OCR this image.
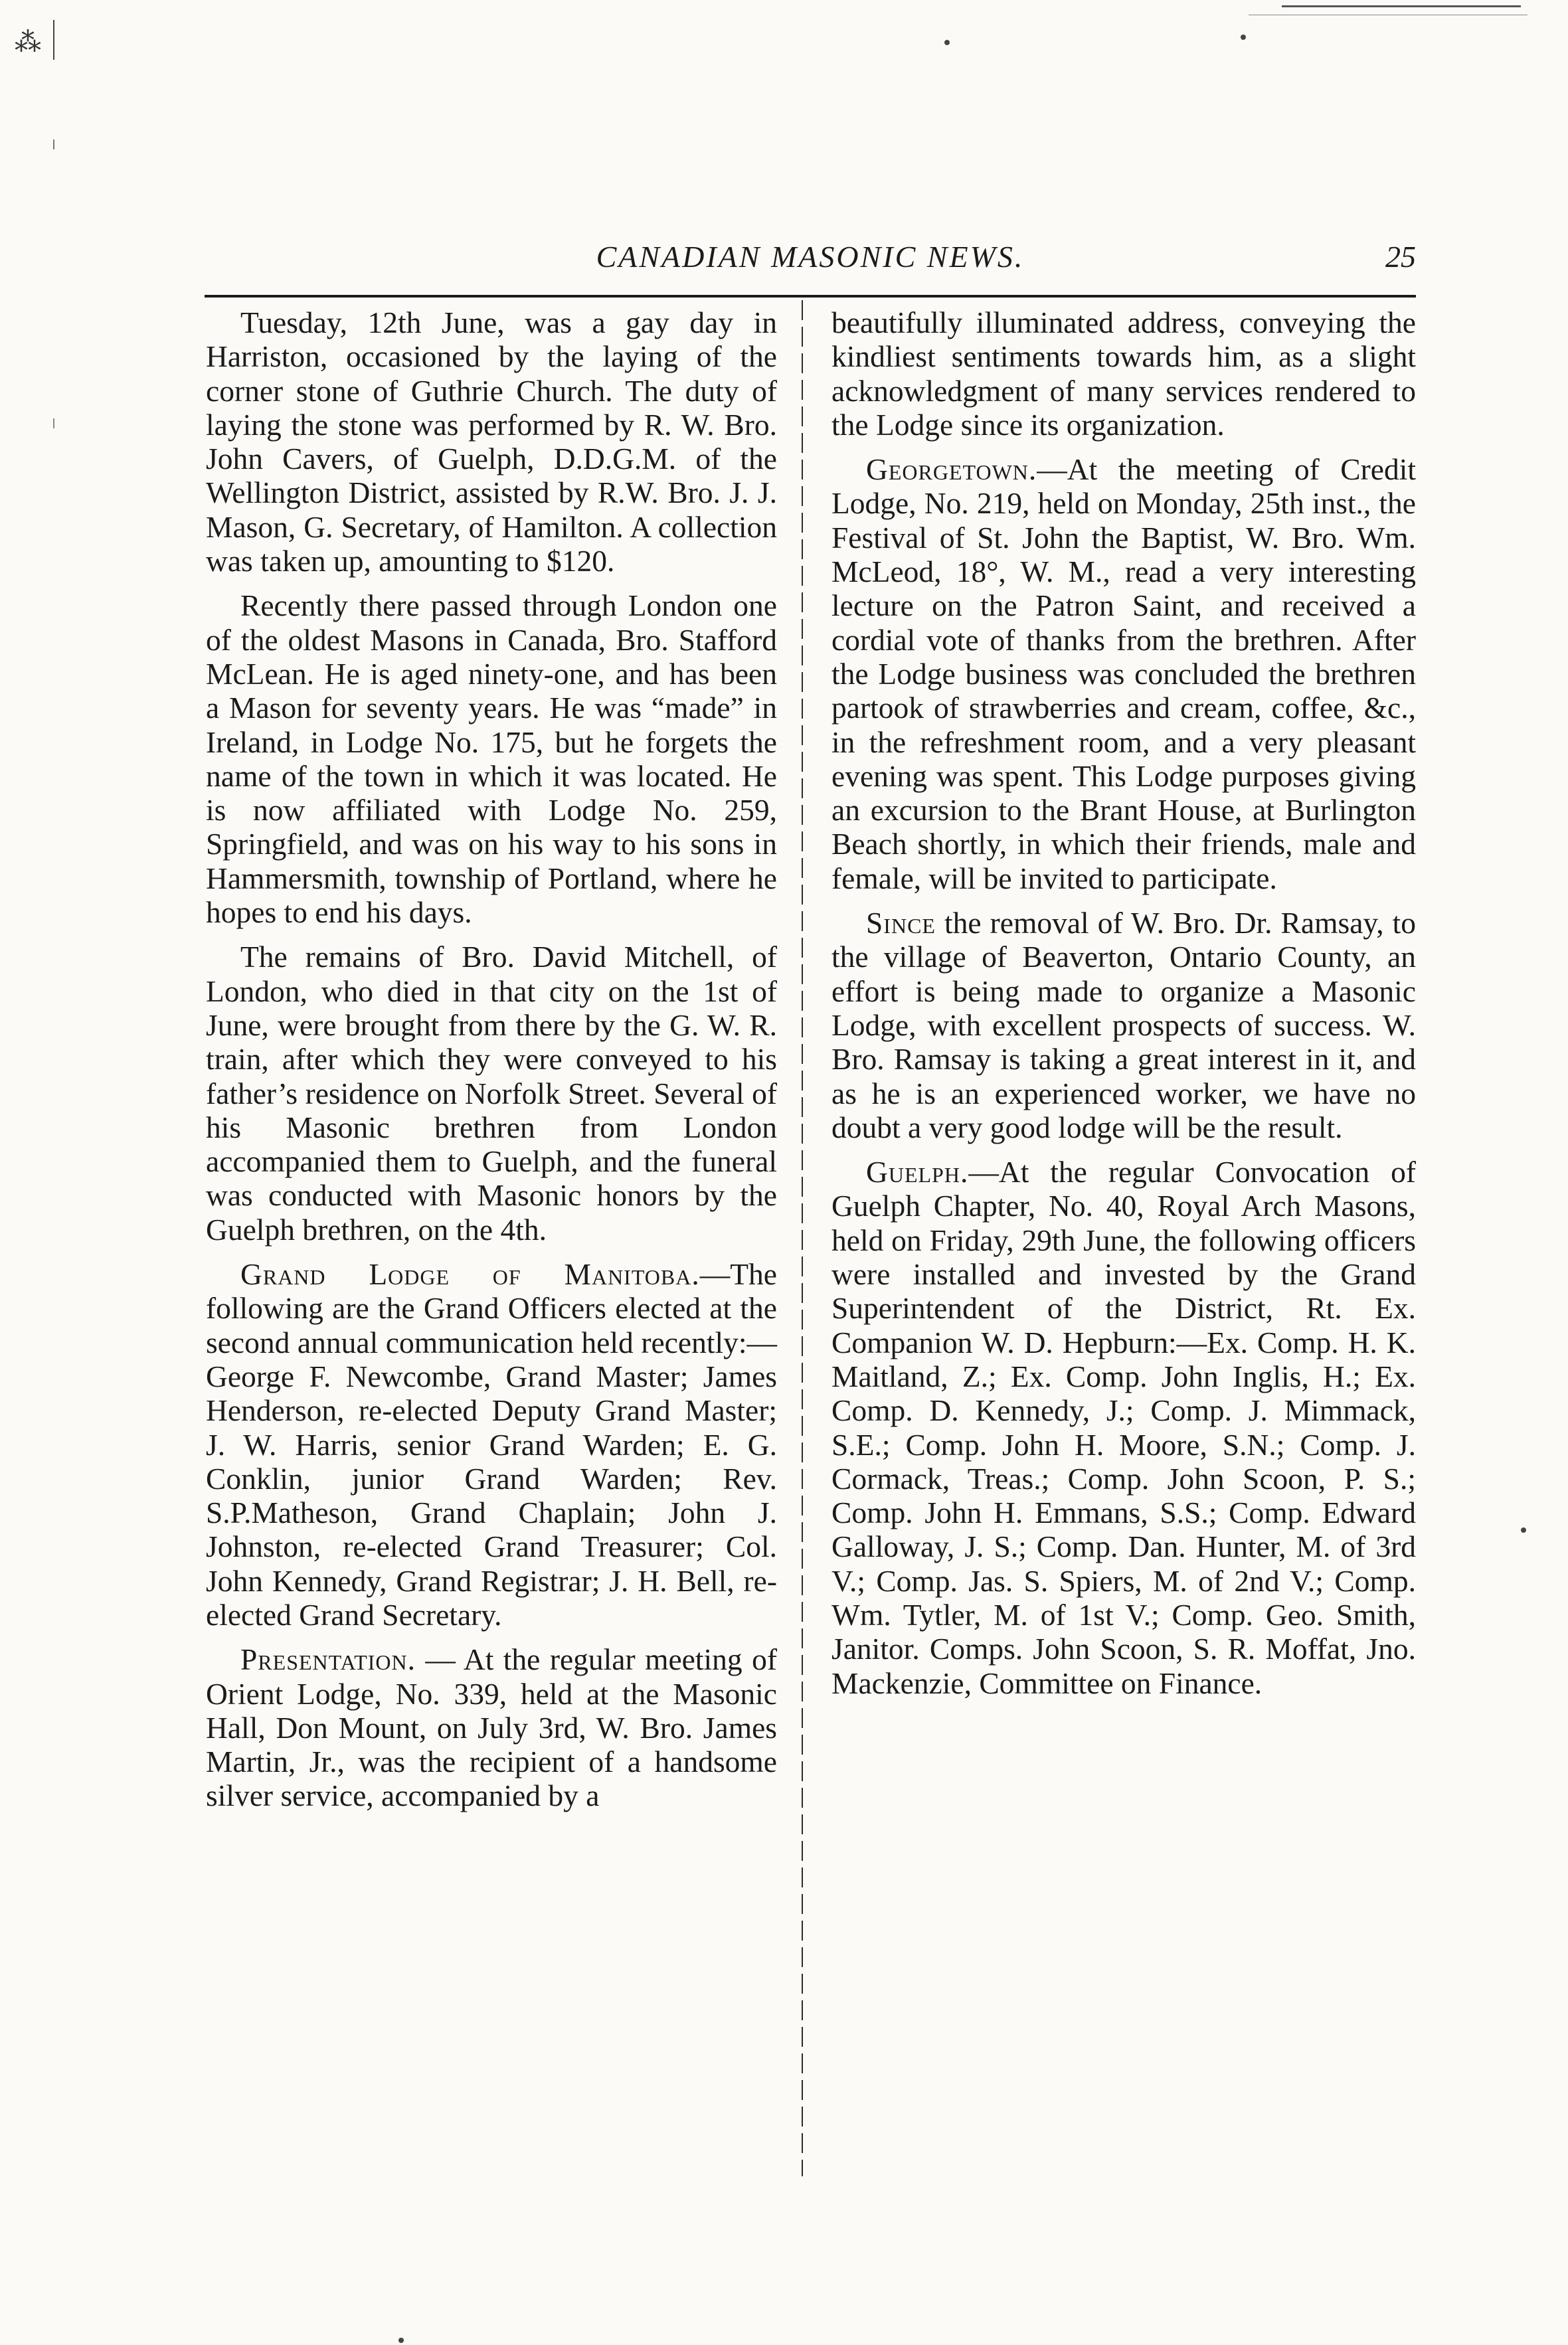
⁂
CANADIAN MASONIC NEWS.	25

Tuesday, 12th June, was a gay day in Harriston, occasioned by the laying of the corner stone of Guthrie Church. The duty of laying the stone was performed by R. W. Bro. John Cavers, of Guelph, D.D.G.M. of the Wellington District, assisted by R.W. Bro. J. J. Mason, G. Secretary, of Hamilton. A collection was taken up, amounting to $120.

Recently there passed through London one of the oldest Masons in Canada, Bro. Stafford McLean. He is aged ninety-one, and has been a Mason for seventy years. He was “made” in Ireland, in Lodge No. 175, but he forgets the name of the town in which it was located. He is now affiliated with Lodge No. 259, Springfield, and was on his way to his sons in Hammersmith, township of Portland, where he hopes to end his days.

The remains of Bro. David Mitchell, of London, who died in that city on the 1st of June, were brought from there by the G. W. R. train, after which they were conveyed to his father’s residence on Norfolk Street. Several of his Masonic brethren from London accompanied them to Guelph, and the funeral was conducted with Masonic honors by the Guelph brethren, on the 4th.

Grand Lodge of Manitoba.—The following are the Grand Officers elected at the second annual communication held recently:—George F. Newcombe, Grand Master; James Henderson, re-elected Deputy Grand Master; J. W. Harris, senior Grand Warden; E. G. Conklin, junior Grand Warden; Rev. S.P.Matheson, Grand Chaplain; John J. Johnston, re-elected Grand Treasurer; Col. John Kennedy, Grand Registrar; J. H. Bell, re-elected Grand Secretary.

Presentation. — At the regular meeting of Orient Lodge, No. 339, held at the Masonic Hall, Don Mount, on July 3rd, W. Bro. James Martin, Jr., was the recipient of a handsome silver service, accompanied by a

beautifully illuminated address, conveying the kindliest sentiments towards him, as a slight acknowledgment of many services rendered to the Lodge since its organization.

Georgetown.—At the meeting of Credit Lodge, No. 219, held on Monday, 25th inst., the Festival of St. John the Baptist, W. Bro. Wm. McLeod, 18°, W. M., read a very interesting lecture on the Patron Saint, and received a cordial vote of thanks from the brethren. After the Lodge business was concluded the brethren partook of strawberries and cream, coffee, &c., in the refreshment room, and a very pleasant evening was spent. This Lodge purposes giving an excursion to the Brant House, at Burlington Beach shortly, in which their friends, male and female, will be invited to participate.

Since the removal of W. Bro. Dr. Ramsay, to the village of Beaverton, Ontario County, an effort is being made to organize a Masonic Lodge, with excellent prospects of success. W. Bro. Ramsay is taking a great interest in it, and as he is an experienced worker, we have no doubt a very good lodge will be the result.

Guelph.—At the regular Convocation of Guelph Chapter, No. 40, Royal Arch Masons, held on Friday, 29th June, the following officers were installed and invested by the Grand Superintendent of the District, Rt. Ex. Companion W. D. Hepburn:—Ex. Comp. H. K. Maitland, Z.; Ex. Comp. John Inglis, H.; Ex. Comp. D. Kennedy, J.; Comp. J. Mimmack, S.E.; Comp. John H. Moore, S.N.; Comp. J. Cormack, Treas.; Comp. John Scoon, P. S.; Comp. John H. Emmans, S.S.; Comp. Edward Galloway, J. S.; Comp. Dan. Hunter, M. of 3rd V.; Comp. Jas. S. Spiers, M. of 2nd V.; Comp. Wm. Tytler, M. of 1st V.; Comp. Geo. Smith, Janitor. Comps. John Scoon, S. R. Moffat, Jno. Mackenzie, Committee on Finance.
